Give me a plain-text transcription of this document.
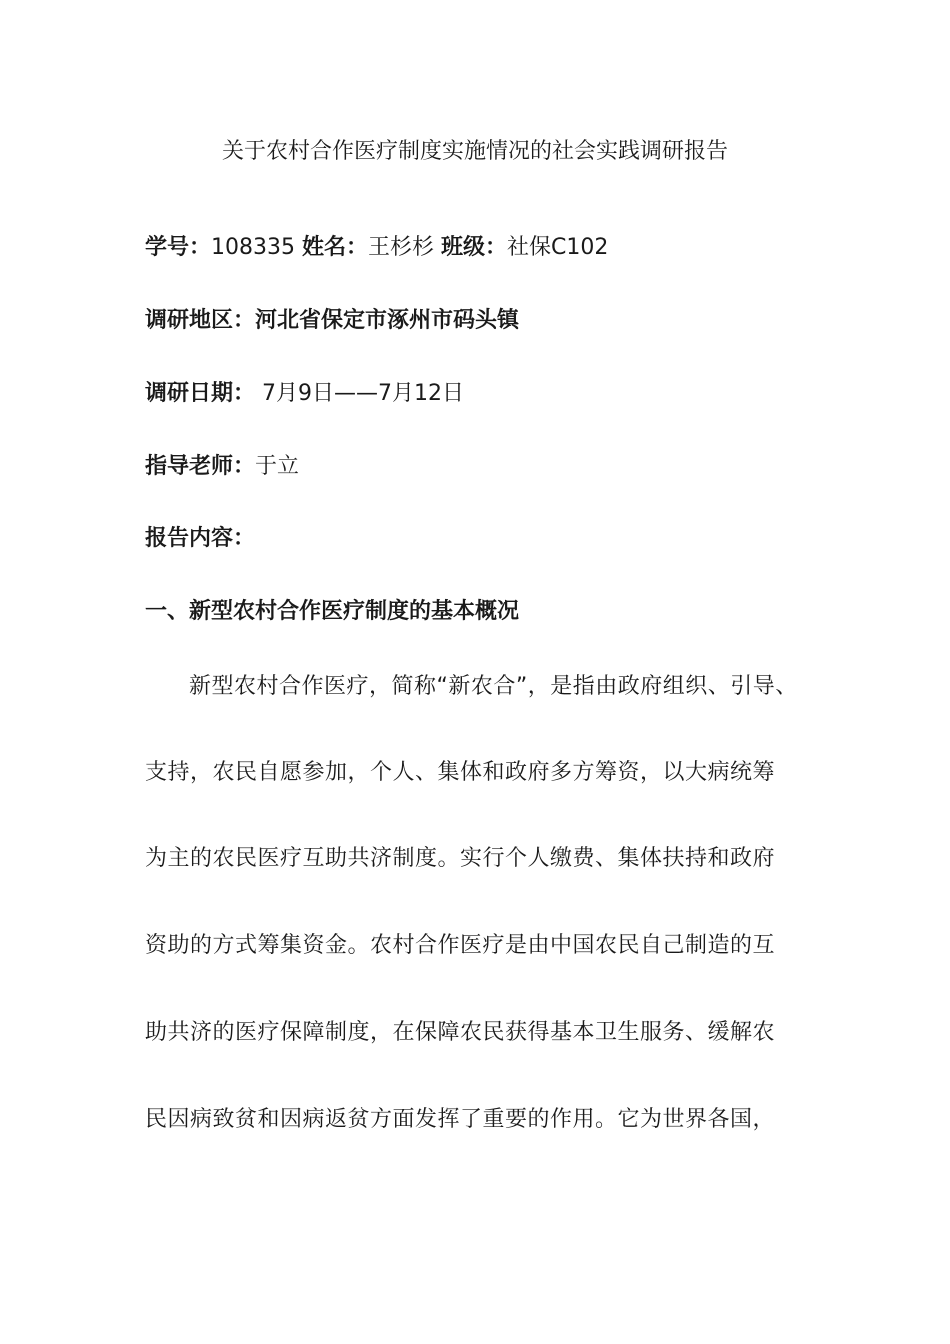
关于农村合作医疗制度实施情况的社会实践调研报告
学号：108335 姓名：王杉杉 班级：社保C102
调研地区：河北省保定市涿州市码头镇
调研日期： 7月9日——7月12日
指导老师：于立
报告内容：
一、新型农村合作医疗制度的基本概况
新型农村合作医疗，简称“新农合”，是指由政府组织、引导、
支持，农民自愿参加，个人、集体和政府多方筹资，以大病统筹
为主的农民医疗互助共济制度。实行个人缴费、集体扶持和政府
资助的方式筹集资金。农村合作医疗是由中国农民自己制造的互
助共济的医疗保障制度，在保障农民获得基本卫生服务、缓解农
民因病致贫和因病返贫方面发挥了重要的作用。它为世界各国，
